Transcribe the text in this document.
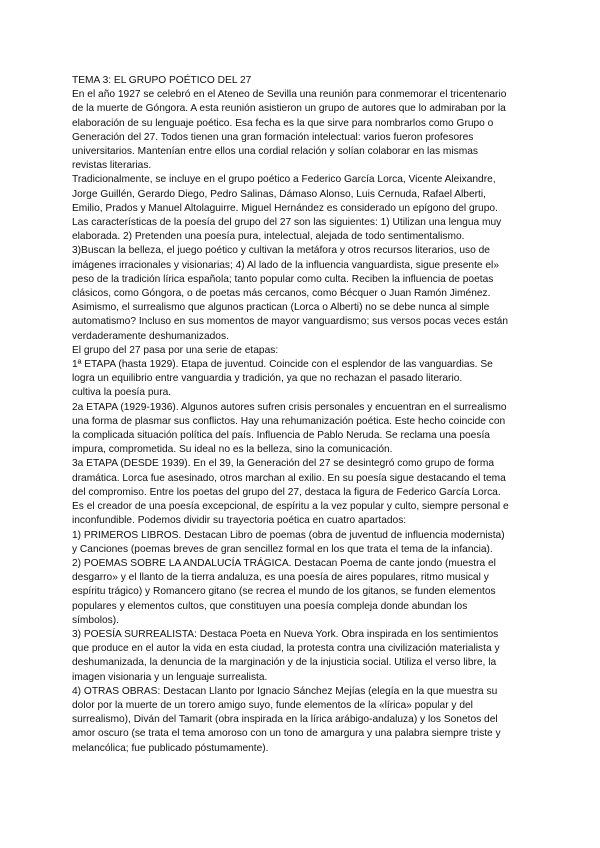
TEMA 3: EL GRUPO POÉTICO DEL 27
En el año 1927 se celebró en el Ateneo de Sevilla una reunión para conmemorar el tricentenario
de la muerte de Góngora. A esta reunión asistieron un grupo de autores que lo admiraban por la
elaboración de su lenguaje poético. Esa fecha es la que sirve para nombrarlos como Grupo o
Generación del 27. Todos tienen una gran formación intelectual: varios fueron profesores
universitarios. Mantenían entre ellos una cordial relación y solían colaborar en las mismas
revistas literarias.
Tradicionalmente, se incluye en el grupo poético a Federico García Lorca, Vicente Aleixandre,
Jorge Guillén, Gerardo Diego, Pedro Salinas, Dámaso Alonso, Luis Cernuda, Rafael Alberti,
Emilio, Prados y Manuel Altolaguirre. Miguel Hernández es considerado un epígono del grupo.
Las características de la poesía del grupo del 27 son las siguientes: 1) Utilizan una lengua muy
elaborada. 2) Pretenden una poesía pura, intelectual, alejada de todo sentimentalismo.
3)Buscan la belleza, el juego poético y cultivan la metáfora y otros recursos literarios, uso de
imágenes irracionales y visionarias; 4) Al lado de la influencia vanguardista, sigue presente el»
peso de la tradición lírica española; tanto popular como culta. Reciben la influencia de poetas
clásicos, como Góngora, o de poetas más cercanos, como Bécquer o Juan Ramón Jiménez.
Asimismo, el surrealismo que algunos practican (Lorca o Alberti) no se debe nunca al simple
automatismo? Incluso en sus momentos de mayor vanguardismo; sus versos pocas veces están
verdaderamente deshumanizados.
El grupo del 27 pasa por una serie de etapas:
1ª ETAPA (hasta 1929). Etapa de juventud. Coincide con el esplendor de las vanguardias. Se
logra un equilibrio entre vanguardia y tradición, ya que no rechazan el pasado literario.
cultiva la poesía pura.
2a ETAPA (1929-1936). Algunos autores sufren crisis personales y encuentran en el surrealismo
una forma de plasmar sus conflictos. Hay una rehumanización poética. Este hecho coincide con
la complicada situación política del país. Influencia de Pablo Neruda. Se reclama una poesía
impura, comprometida. Su ideal no es la belleza, sino la comunicación.
3a ETAPA (DESDE 1939). En el 39, la Generación del 27 se desintegró como grupo de forma
dramática. Lorca fue asesinado, otros marchan al exilio. En su poesía sigue destacando el tema
del compromiso. Entre los poetas del grupo del 27, destaca la figura de Federico García Lorca.
Es el creador de una poesía excepcional, de espíritu a la vez popular y culto, siempre personal e
inconfundible. Podemos dividir su trayectoria poética en cuatro apartados:
1) PRIMEROS LIBROS. Destacan Libro de poemas (obra de juventud de influencia modernista)
y Canciones (poemas breves de gran sencillez formal en los que trata el tema de la infancia).
2) POEMAS SOBRE LA ANDALUCÍA TRÁGICA. Destacan Poema de cante jondo (muestra el
desgarro» y el llanto de la tierra andaluza, es una poesía de aires populares, ritmo musical y
espíritu trágico) y Romancero gitano (se recrea el mundo de los gitanos, se funden elementos
populares y elementos cultos, que constituyen una poesía compleja donde abundan los
símbolos).
3) POESÍA SURREALISTA: Destaca Poeta en Nueva York. Obra inspirada en los sentimientos
que produce en el autor la vida en esta ciudad, la protesta contra una civilización materialista y
deshumanizada, la denuncia de la marginación y de la injusticia social. Utiliza el verso libre, la
imagen visionaria y un lenguaje surrealista.
4) OTRAS OBRAS: Destacan Llanto por Ignacio Sánchez Mejías (elegía en la que muestra su
dolor por la muerte de un torero amigo suyo, funde elementos de la «lírica» popular y del
surrealismo), Diván del Tamarit (obra inspirada en la lírica arábigo-andaluza) y los Sonetos del
amor oscuro (se trata el tema amoroso con un tono de amargura y una palabra siempre triste y
melancólica; fue publicado póstumamente).
